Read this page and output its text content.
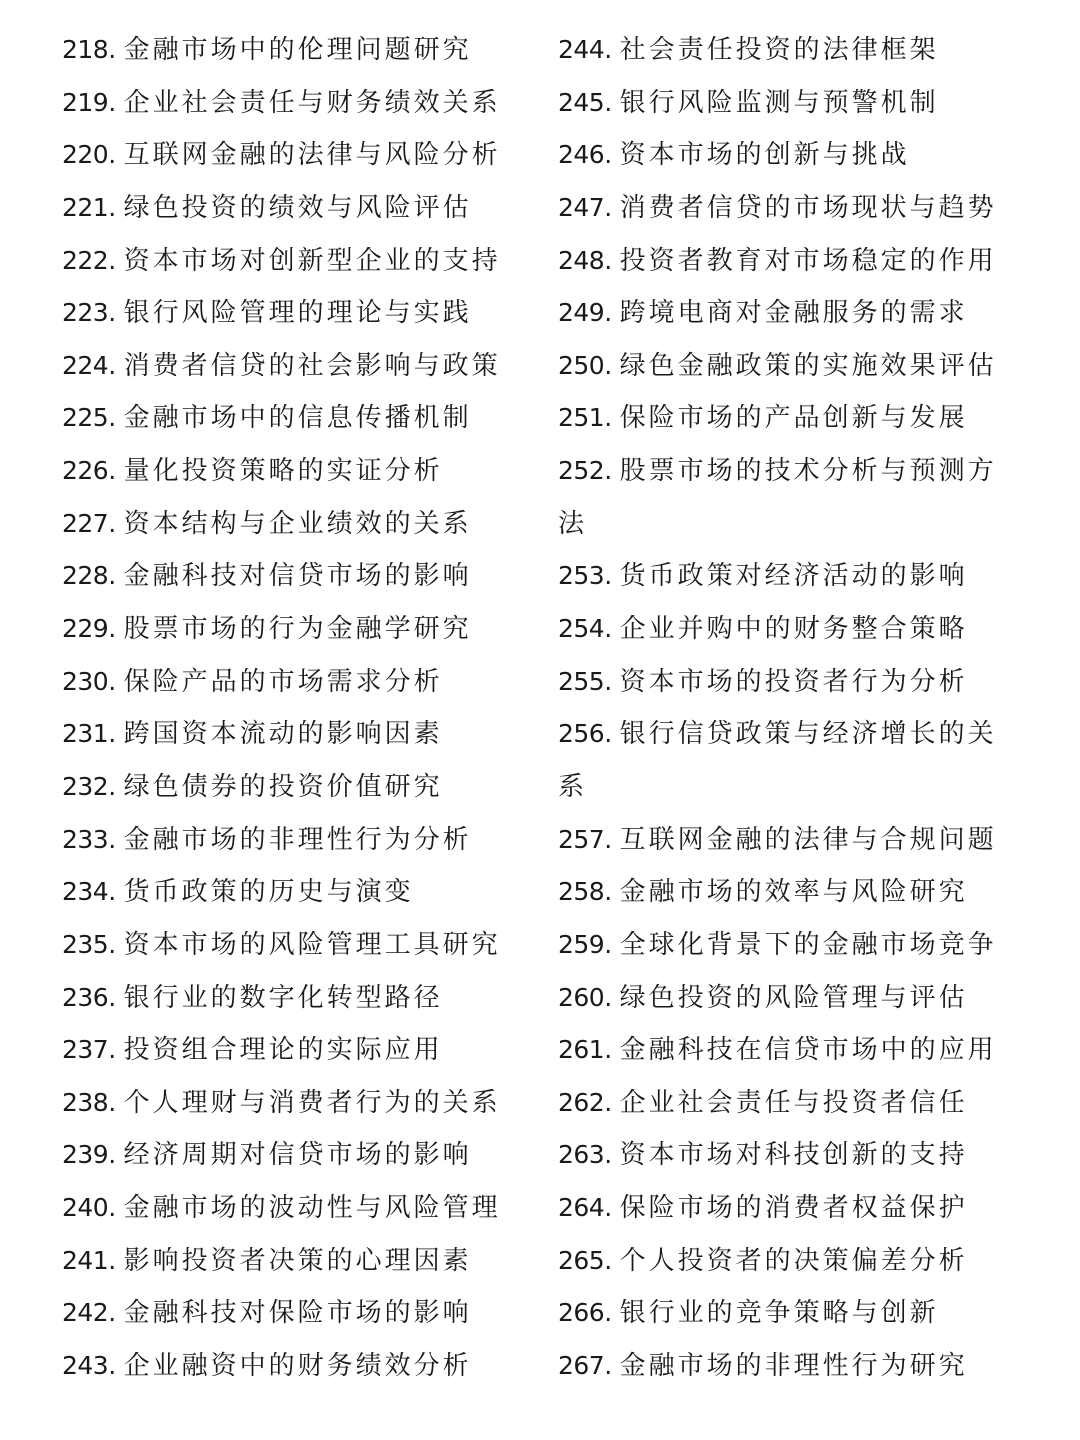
218. 金融市场中的伦理问题研究
219. 企业社会责任与财务绩效关系
220. 互联网金融的法律与风险分析
221. 绿色投资的绩效与风险评估
222. 资本市场对创新型企业的支持
223. 银行风险管理的理论与实践
224. 消费者信贷的社会影响与政策
225. 金融市场中的信息传播机制
226. 量化投资策略的实证分析
227. 资本结构与企业绩效的关系
228. 金融科技对信贷市场的影响
229. 股票市场的行为金融学研究
230. 保险产品的市场需求分析
231. 跨国资本流动的影响因素
232. 绿色债券的投资价值研究
233. 金融市场的非理性行为分析
234. 货币政策的历史与演变
235. 资本市场的风险管理工具研究
236. 银行业的数字化转型路径
237. 投资组合理论的实际应用
238. 个人理财与消费者行为的关系
239. 经济周期对信贷市场的影响
240. 金融市场的波动性与风险管理
241. 影响投资者决策的心理因素
242. 金融科技对保险市场的影响
243. 企业融资中的财务绩效分析
244. 社会责任投资的法律框架
245. 银行风险监测与预警机制
246. 资本市场的创新与挑战
247. 消费者信贷的市场现状与趋势
248. 投资者教育对市场稳定的作用
249. 跨境电商对金融服务的需求
250. 绿色金融政策的实施效果评估
251. 保险市场的产品创新与发展
252. 股票市场的技术分析与预测方
法
253. 货币政策对经济活动的影响
254. 企业并购中的财务整合策略
255. 资本市场的投资者行为分析
256. 银行信贷政策与经济增长的关
系
257. 互联网金融的法律与合规问题
258. 金融市场的效率与风险研究
259. 全球化背景下的金融市场竞争
260. 绿色投资的风险管理与评估
261. 金融科技在信贷市场中的应用
262. 企业社会责任与投资者信任
263. 资本市场对科技创新的支持
264. 保险市场的消费者权益保护
265. 个人投资者的决策偏差分析
266. 银行业的竞争策略与创新
267. 金融市场的非理性行为研究
